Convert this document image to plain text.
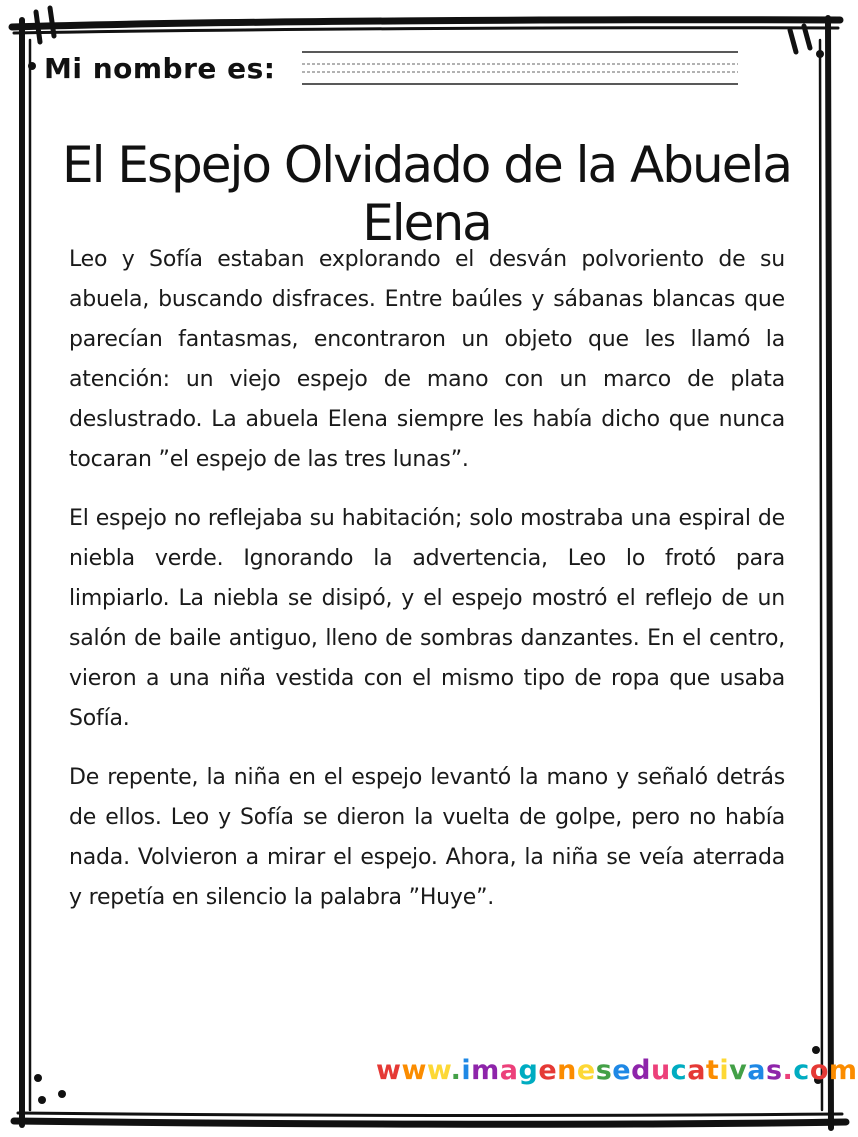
Mi nombre es:
El Espejo Olvidado de la Abuela Elena

Leo y Sofía estaban explorando el desván polvoriento de su abuela, buscando disfraces. Entre baúles y sábanas blancas que parecían fantasmas, encontraron un objeto que les llamó la atención: un viejo espejo de mano con un marco de plata deslustrado. La abuela Elena siempre les había dicho que nunca tocaran ”el espejo de las tres lunas”.

El espejo no reflejaba su habitación; solo mostraba una espiral de niebla verde. Ignorando la advertencia, Leo lo frotó para limpiarlo. La niebla se disipó, y el espejo mostró el reflejo de un salón de baile antiguo, lleno de sombras danzantes. En el centro, vieron a una niña vestida con el mismo tipo de ropa que usaba Sofía.

De repente, la niña en el espejo levantó la mano y señaló detrás de ellos. Leo y Sofía se dieron la vuelta de golpe, pero no había nada. Volvieron a mirar el espejo. Ahora, la niña se veía aterrada y repetía en silencio la palabra ”Huye”.

www.imageneseducativas.com
